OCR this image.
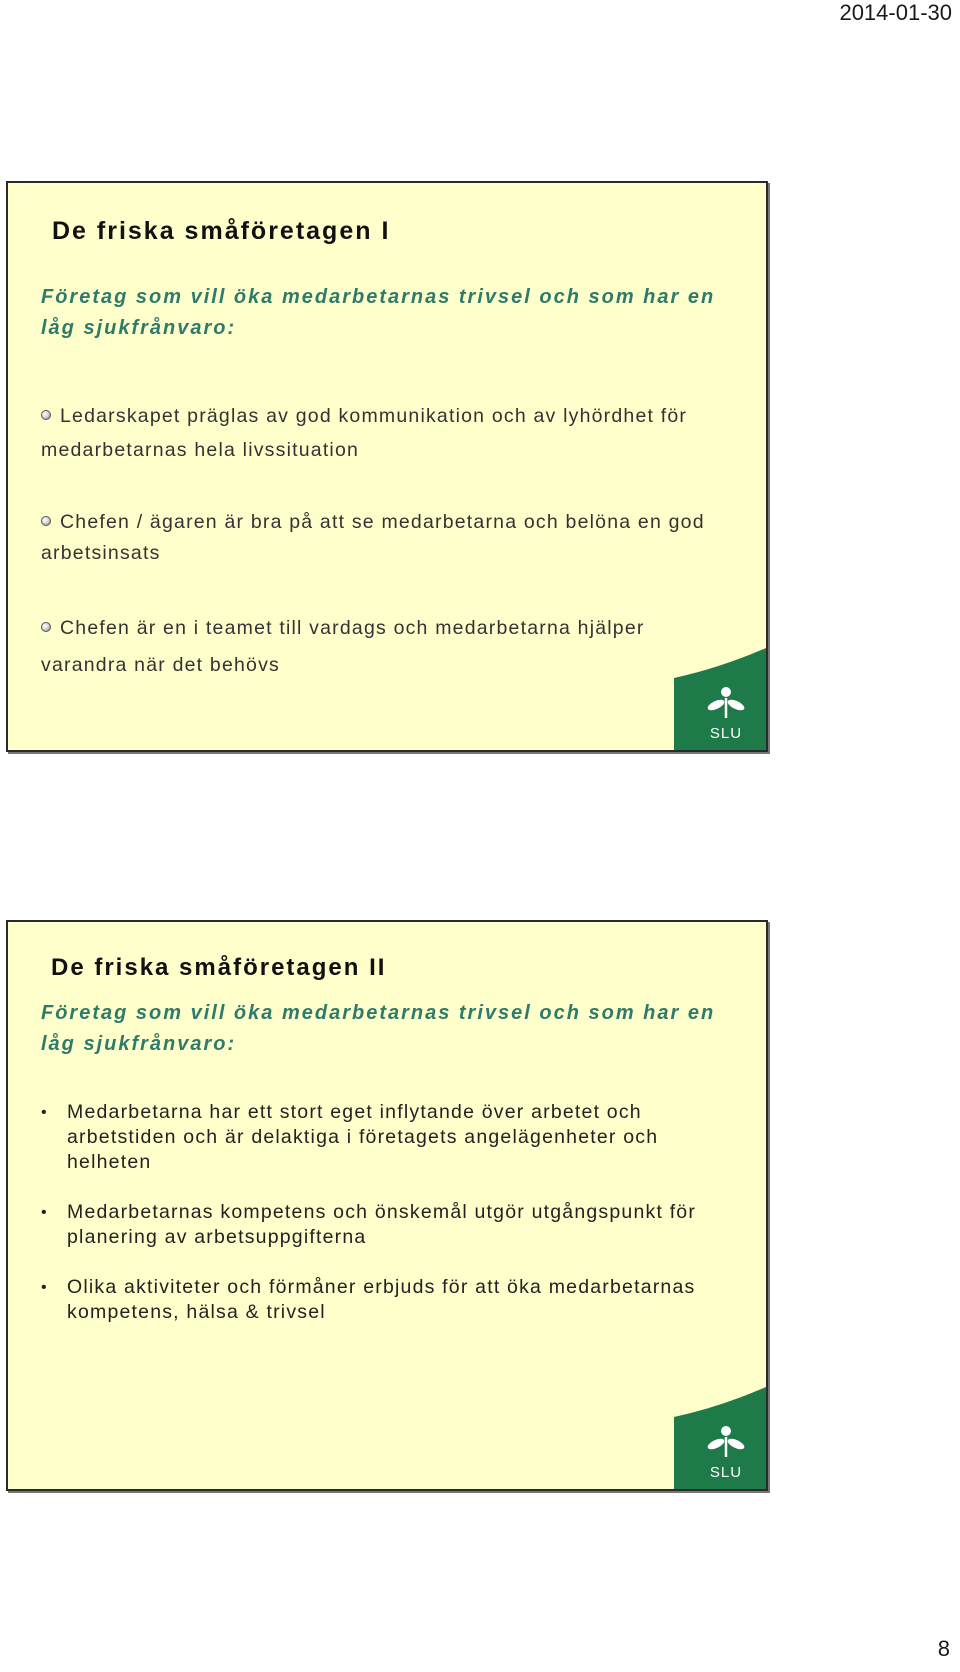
2014-01-30
De friska småföretagen I
Företag som vill öka medarbetarnas trivsel och som har en låg sjukfrånvaro:
Ledarskapet präglas av god kommunikation och av lyhördhet för medarbetarnas hela livssituation
Chefen / ägaren är bra på att se medarbetarna och belöna en god arbetsinsats
Chefen är en i teamet till vardags och medarbetarna hjälper varandra när det behövs
SLU
De friska småföretagen II
Företag som vill öka medarbetarnas trivsel och som har en låg sjukfrånvaro:
• Medarbetarna har ett stort eget inflytande över arbetet och arbetstiden och är delaktiga i företagets angelägenheter och helheten
• Medarbetarnas kompetens och önskemål utgör utgångspunkt för planering av arbetsuppgifterna
• Olika aktiviteter och förmåner erbjuds för att öka medarbetarnas kompetens, hälsa & trivsel
SLU
8
